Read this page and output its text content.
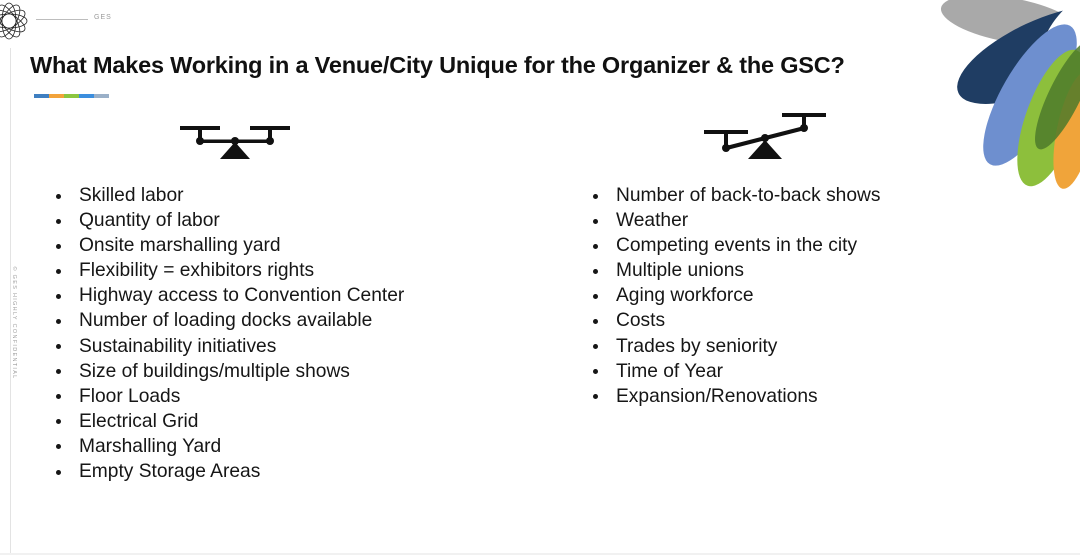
GES
© GES HIGHLY CONFIDENTIAL
What Makes Working in a Venue/City Unique for the Organizer & the GSC?
Skilled labor
Quantity of labor
Onsite marshalling yard
Flexibility = exhibitors rights
Highway access to Convention Center
Number of loading docks available
Sustainability initiatives
Size of buildings/multiple shows
Floor Loads
Electrical Grid
Marshalling Yard
Empty Storage Areas
Number of back-to-back shows
Weather
Competing events in the city
Multiple unions
Aging workforce
Costs
Trades by seniority
Time of Year
Expansion/Renovations
